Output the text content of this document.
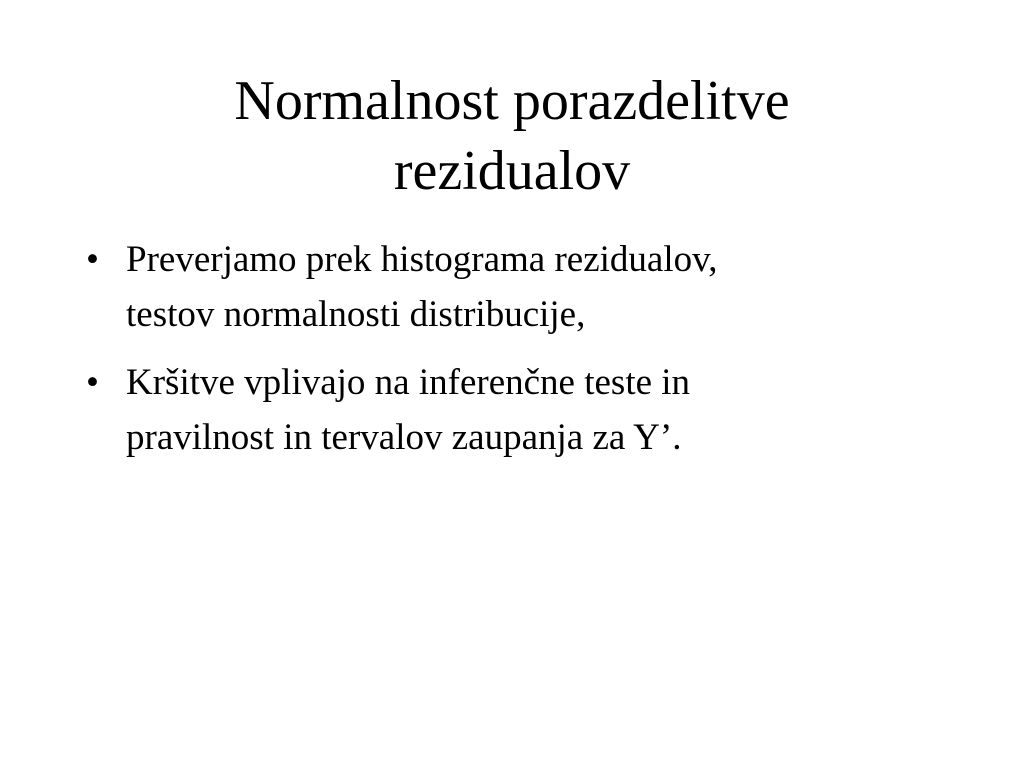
Normalnost porazdelitve
rezidualov
• Preverjamo prek histograma rezidualov,
testov normalnosti distribucije,
• Kršitve vplivajo na inferenčne teste in
pravilnost in tervalov zaupanja za Y’.
